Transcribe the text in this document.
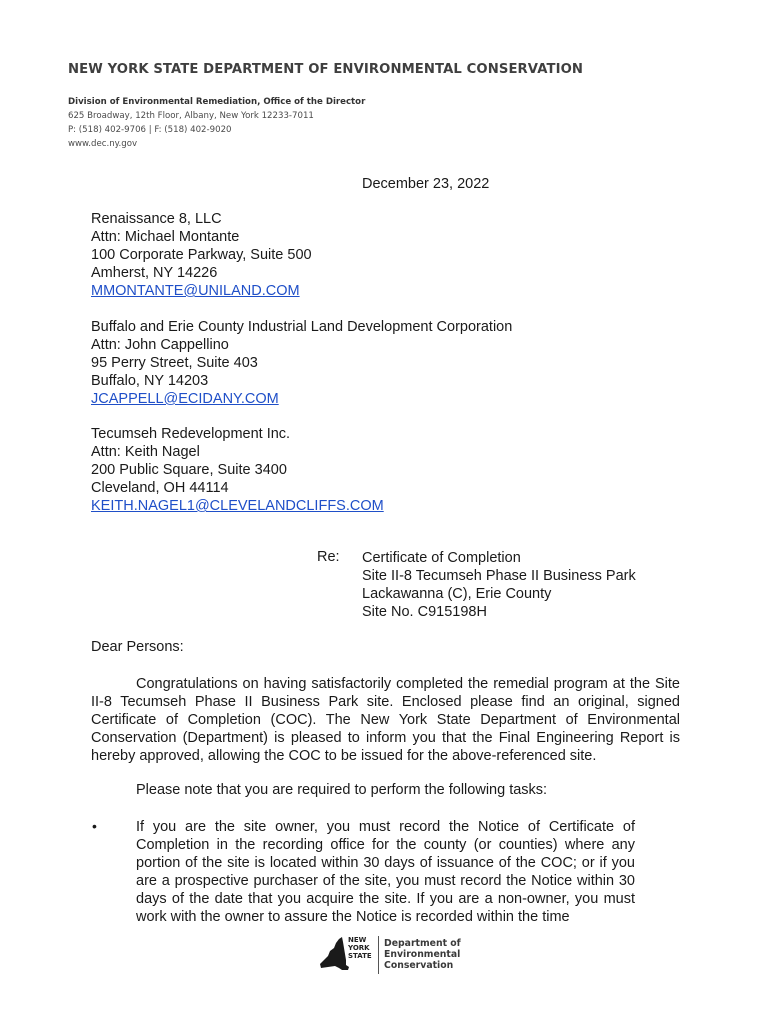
NEW YORK STATE DEPARTMENT OF ENVIRONMENTAL CONSERVATION
Division of Environmental Remediation, Office of the Director
625 Broadway, 12th Floor, Albany, New York 12233-7011
P: (518) 402-9706 | F: (518) 402-9020
www.dec.ny.gov
December 23, 2022
Renaissance 8, LLC
Attn: Michael Montante
100 Corporate Parkway, Suite 500
Amherst, NY 14226
MMONTANTE@UNILAND.COM
Buffalo and Erie County Industrial Land Development Corporation
Attn: John Cappellino
95 Perry Street, Suite 403
Buffalo, NY 14203
JCAPPELL@ECIDANY.COM
Tecumseh Redevelopment Inc.
Attn: Keith Nagel
200 Public Square, Suite 3400
Cleveland, OH 44114
KEITH.NAGEL1@CLEVELANDCLIFFS.COM
Re: Certificate of Completion
Site II-8 Tecumseh Phase II Business Park
Lackawanna (C), Erie County
Site No. C915198H
Dear Persons:
Congratulations on having satisfactorily completed the remedial program at the Site II-8 Tecumseh Phase II Business Park site. Enclosed please find an original, signed Certificate of Completion (COC). The New York State Department of Environmental Conservation (Department) is pleased to inform you that the Final Engineering Report is hereby approved, allowing the COC to be issued for the above-referenced site.
Please note that you are required to perform the following tasks:
•	If you are the site owner, you must record the Notice of Certificate of Completion in the recording office for the county (or counties) where any portion of the site is located within 30 days of issuance of the COC; or if you are a prospective purchaser of the site, you must record the Notice within 30 days of the date that you acquire the site. If you are a non-owner, you must work with the owner to assure the Notice is recorded within the time
NEW YORK STATE
Department of
Environmental
Conservation
